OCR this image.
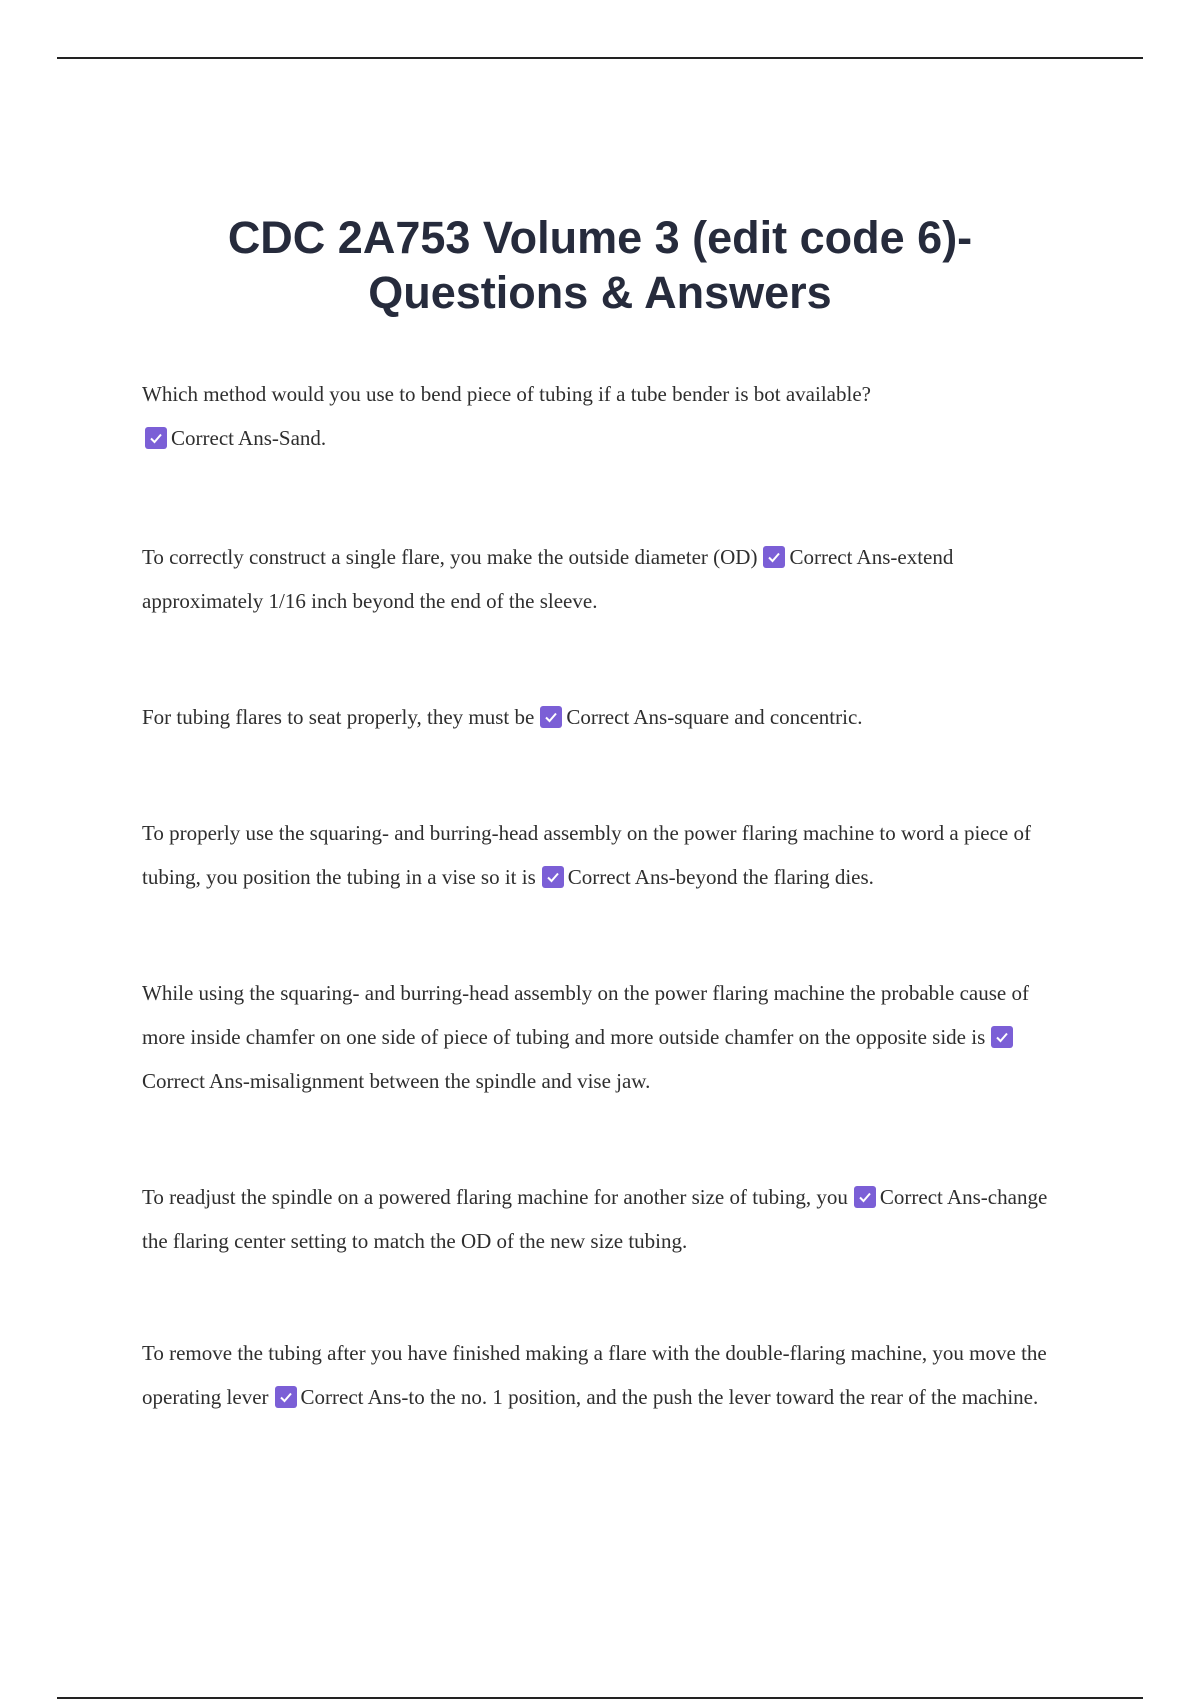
CDC 2A753 Volume 3 (edit code 6)-
Questions & Answers

Which method would you use to bend piece of tubing if a tube bender is bot available?

Correct Ans-Sand.

To correctly construct a single flare, you make the outside diameter (OD) Correct Ans-extend approximately 1/16 inch beyond the end of the sleeve.

For tubing flares to seat properly, they must be Correct Ans-square and concentric.

To properly use the squaring- and burring-head assembly on the power flaring machine to word a piece of tubing, you position the tubing in a vise so it is Correct Ans-beyond the flaring dies.

While using the squaring- and burring-head assembly on the power flaring machine the probable cause of more inside chamfer on one side of piece of tubing and more outside chamfer on the opposite side is
Correct Ans-misalignment between the spindle and vise jaw.

To readjust the spindle on a powered flaring machine for another size of tubing, you Correct Ans-change the flaring center setting to match the OD of the new size tubing.

To remove the tubing after you have finished making a flare with the double-flaring machine, you move the operating lever Correct Ans-to the no. 1 position, and the push the lever toward the rear of the machine.
